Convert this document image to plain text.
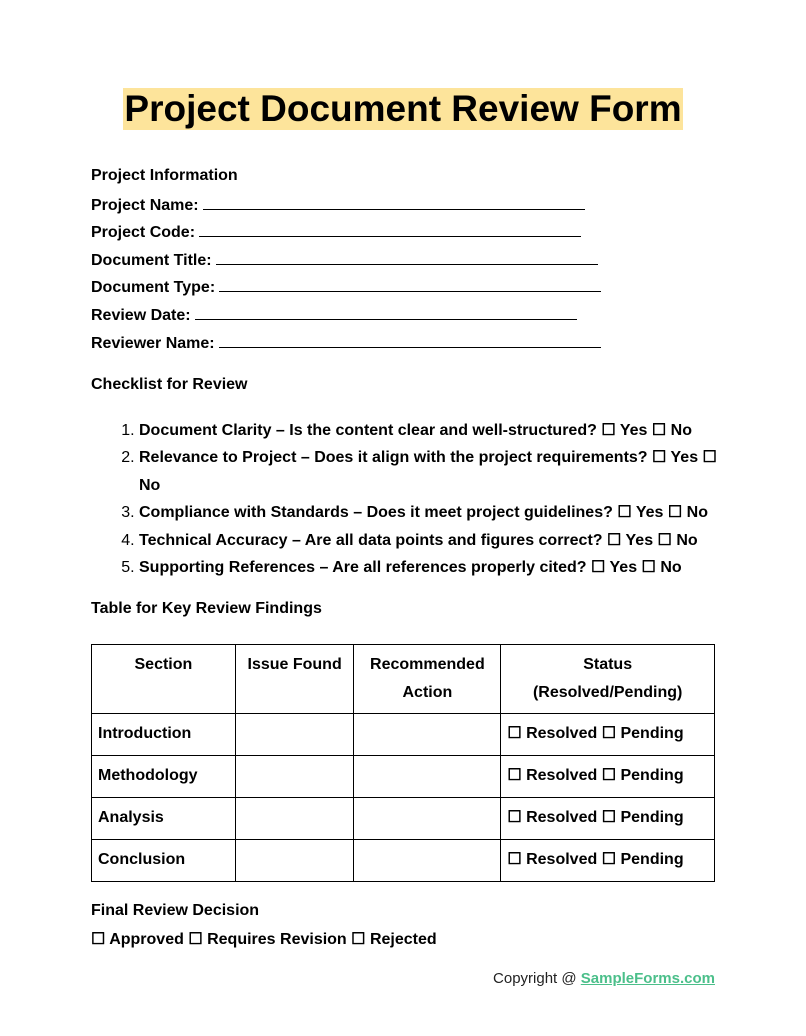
Project Document Review Form
Project Information
Project Name:
Project Code:
Document Title:
Document Type:
Review Date:
Reviewer Name:
Checklist for Review
1. Document Clarity – Is the content clear and well-structured? ☐ Yes ☐ No
2. Relevance to Project – Does it align with the project requirements? ☐ Yes ☐ No
3. Compliance with Standards – Does it meet project guidelines? ☐ Yes ☐ No
4. Technical Accuracy – Are all data points and figures correct? ☐ Yes ☐ No
5. Supporting References – Are all references properly cited? ☐ Yes ☐ No
Table for Key Review Findings
Section	Issue Found	Recommended Action	Status (Resolved/Pending)
Introduction			☐ Resolved ☐ Pending
Methodology			☐ Resolved ☐ Pending
Analysis			☐ Resolved ☐ Pending
Conclusion			☐ Resolved ☐ Pending
Final Review Decision
☐ Approved ☐ Requires Revision ☐ Rejected
Copyright @ SampleForms.com
